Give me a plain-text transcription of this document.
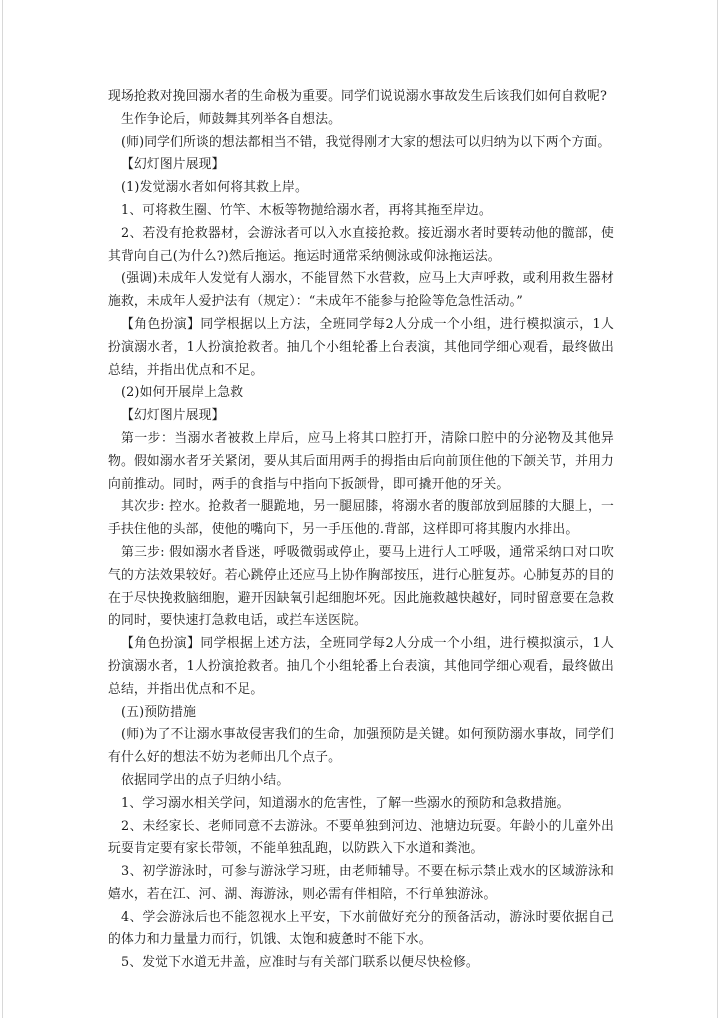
现场抢救对挽回溺水者的生命极为重要。同学们说说溺水事故发生后该我们如何自救呢?

生作争论后，师鼓舞其列举各自想法。

(师)同学们所谈的想法都相当不错，我觉得刚才大家的想法可以归纳为以下两个方面。

【幻灯图片展现】

(1)发觉溺水者如何将其救上岸。

1、可将救生圈、竹竿、木板等物抛给溺水者，再将其拖至岸边。

2、若没有抢救器材，会游泳者可以入水直接抢救。接近溺水者时要转动他的髋部，使其背向自己(为什么?)然后拖运。拖运时通常采纳侧泳或仰泳拖运法。

(强调)未成年人发觉有人溺水，不能冒然下水营救，应马上大声呼救，或利用救生器材施救，未成年人爱护法有（规定）：“未成年不能参与抢险等危急性活动。”

【角色扮演】同学根据以上方法，全班同学每2人分成一个小组，进行模拟演示，1人扮演溺水者，1人扮演抢救者。抽几个小组轮番上台表演，其他同学细心观看，最终做出总结，并指出优点和不足。

(2)如何开展岸上急救

【幻灯图片展现】

第一步：当溺水者被救上岸后，应马上将其口腔打开，清除口腔中的分泌物及其他异物。假如溺水者牙关紧闭，要从其后面用两手的拇指由后向前顶住他的下颌关节，并用力向前推动。同时，两手的食指与中指向下扳颌骨，即可撬开他的牙关。

其次步: 控水。抢救者一腿跪地，另一腿屈膝，将溺水者的腹部放到屈膝的大腿上，一手扶住他的头部，使他的嘴向下，另一手压他的.背部，这样即可将其腹内水排出。

第三步: 假如溺水者昏迷，呼吸微弱或停止，要马上进行人工呼吸，通常采纳口对口吹气的方法效果较好。若心跳停止还应马上协作胸部按压，进行心脏复苏。心肺复苏的目的在于尽快挽救脑细胞，避开因缺氧引起细胞坏死。因此施救越快越好，同时留意要在急救的同时，要快速打急救电话，或拦车送医院。

【角色扮演】同学根据上述方法，全班同学每2人分成一个小组，进行模拟演示，1人扮演溺水者，1人扮演抢救者。抽几个小组轮番上台表演，其他同学细心观看，最终做出总结，并指出优点和不足。

(五)预防措施

(师)为了不让溺水事故侵害我们的生命，加强预防是关键。如何预防溺水事故，同学们有什么好的想法不妨为老师出几个点子。

依据同学出的点子归纳小结。

1、学习溺水相关学问，知道溺水的危害性，了解一些溺水的预防和急救措施。

2、未经家长、老师同意不去游泳。不要单独到河边、池塘边玩耍。年龄小的儿童外出玩耍肯定要有家长带领，不能单独乱跑，以防跌入下水道和粪池。

3、初学游泳时，可参与游泳学习班，由老师辅导。不要在标示禁止戏水的区域游泳和嬉水，若在江、河、湖、海游泳，则必需有伴相陪，不行单独游泳。

4、学会游泳后也不能忽视水上平安，下水前做好充分的预备活动，游泳时要依据自己的体力和力量量力而行，饥饿、太饱和疲惫时不能下水。

5、发觉下水道无井盖，应准时与有关部门联系以便尽快检修。
